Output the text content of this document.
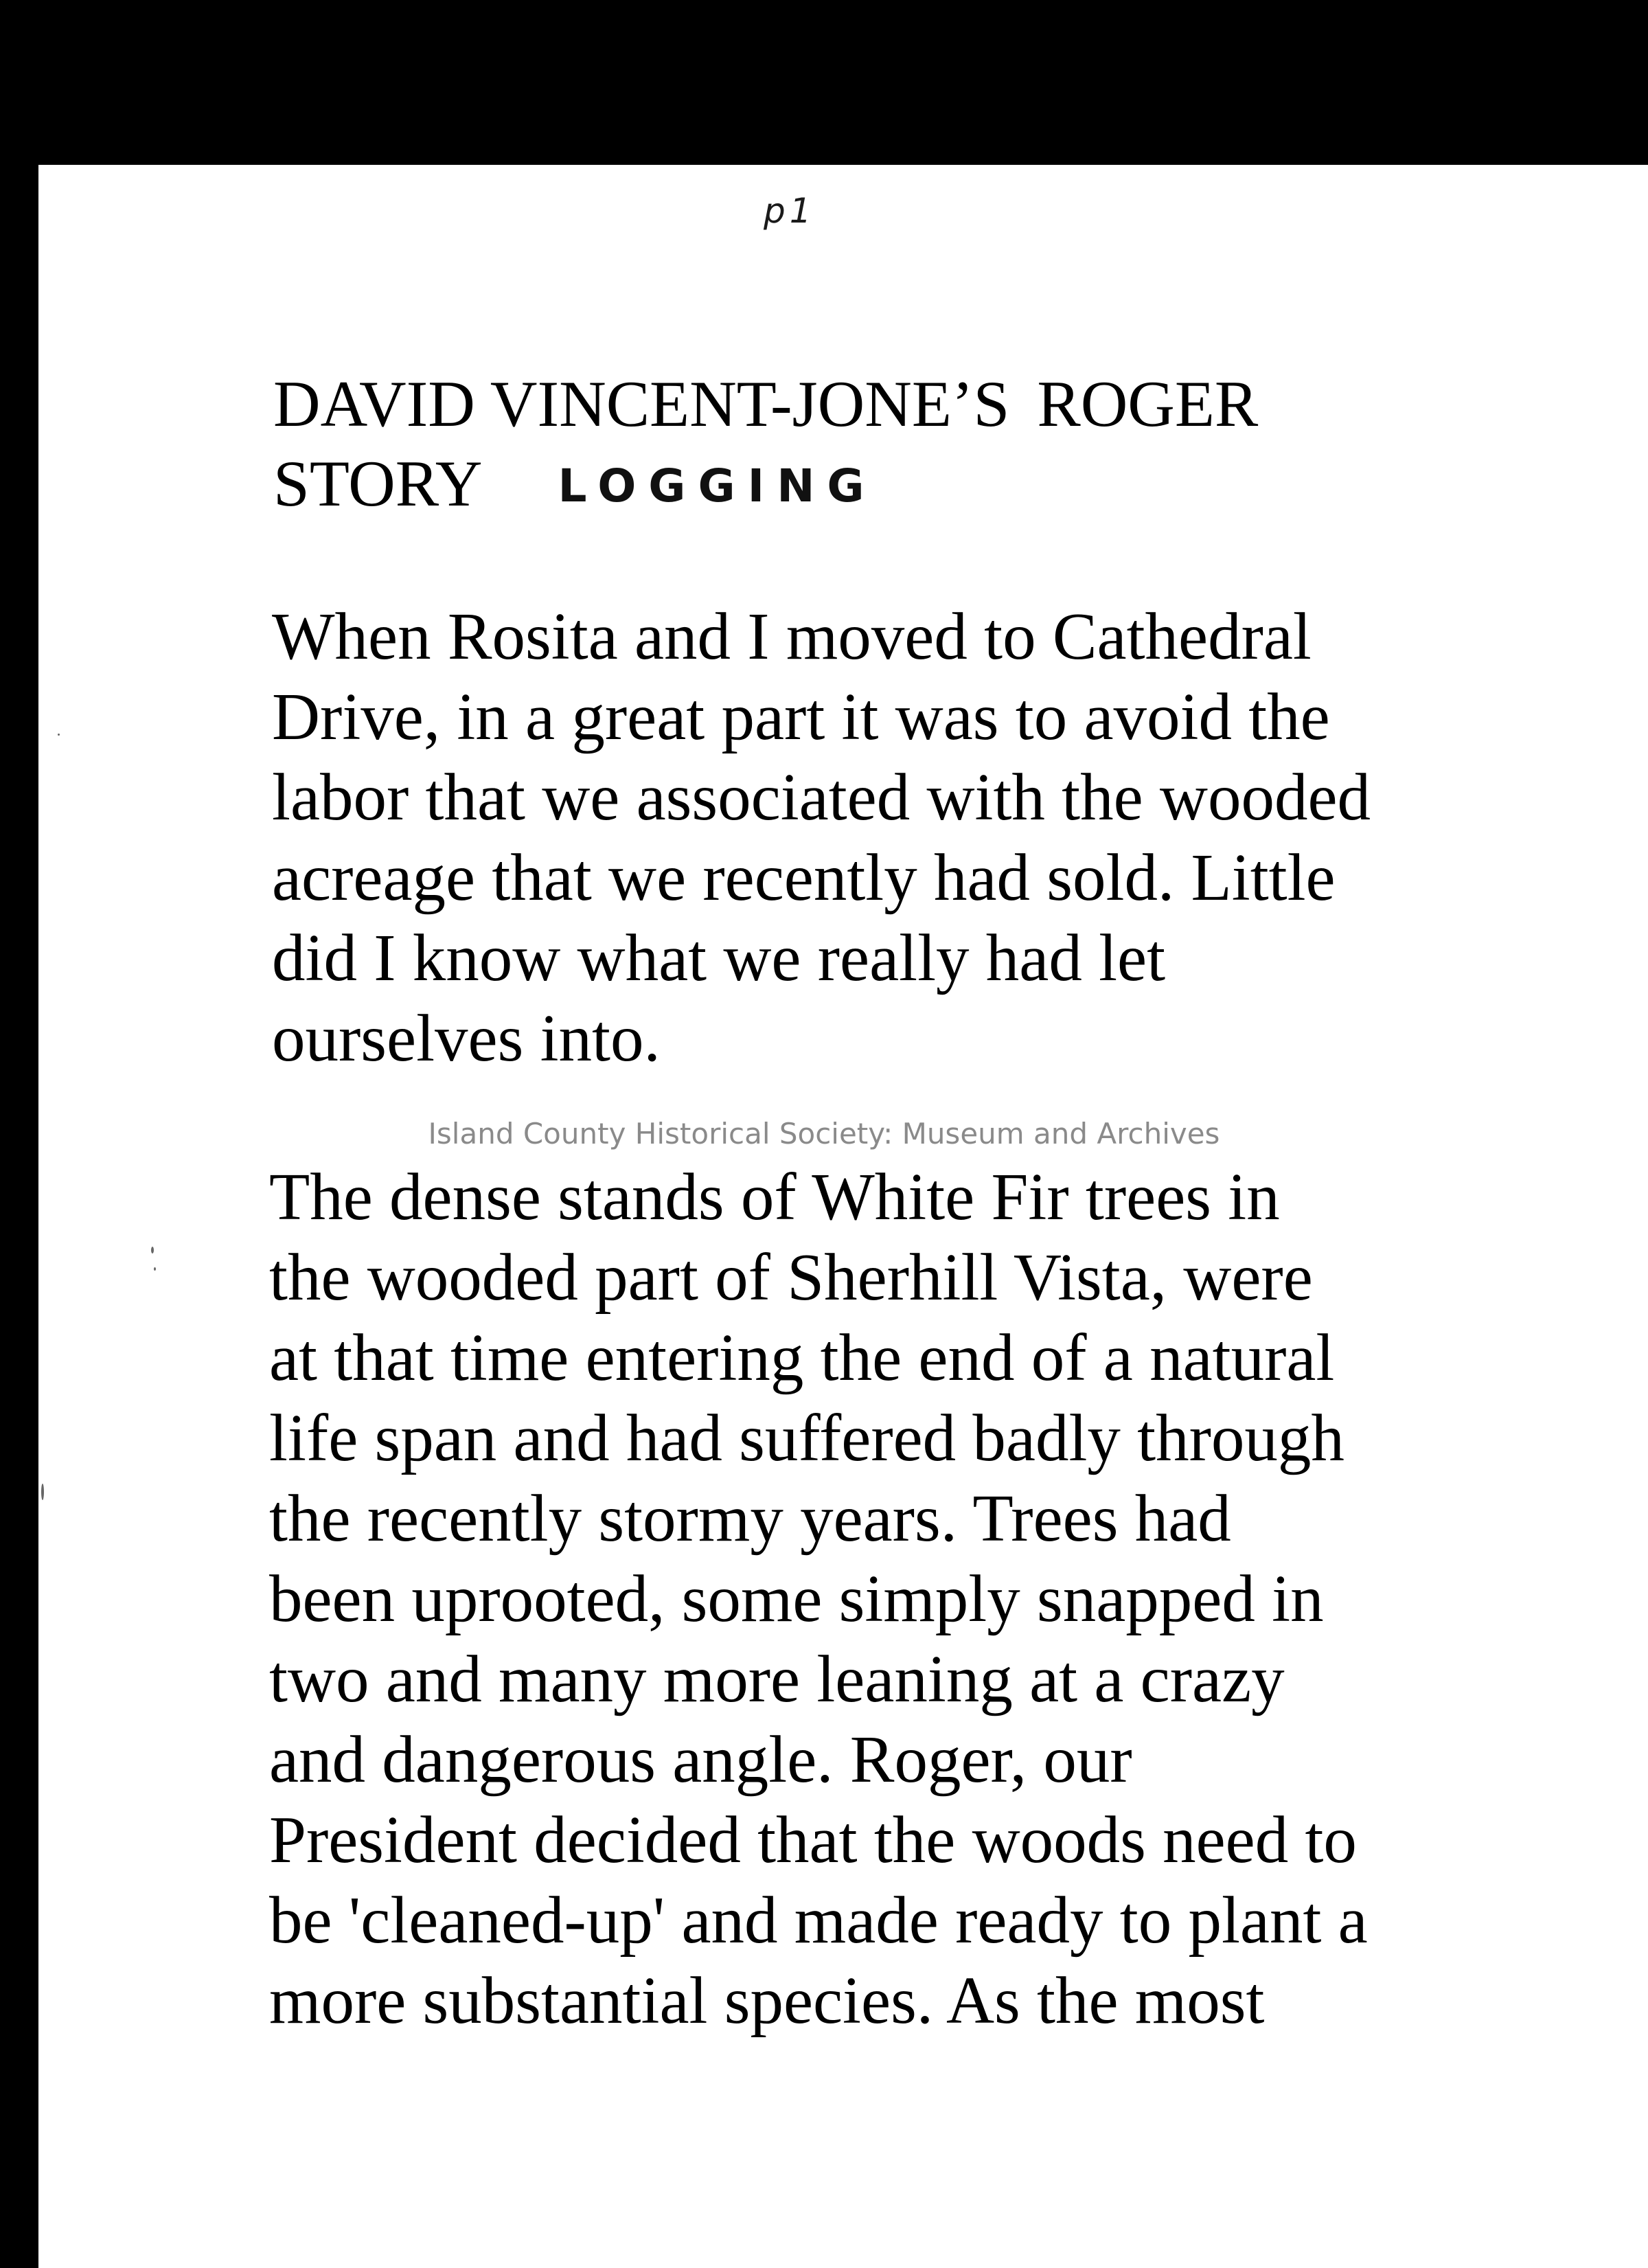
p1
DAVID VINCENT-JONE’S ROGER
STORY LOGGING

When Rosita and I moved to Cathedral
Drive, in a great part it was to avoid the
labor that we associated with the wooded
acreage that we recently had sold. Little
did I know what we really had let
ourselves into.

Island County Historical Society: Museum and Archives

The dense stands of White Fir trees in
the wooded part of Sherhill Vista, were
at that time entering the end of a natural
life span and had suffered badly through
the recently stormy years. Trees had
been uprooted, some simply snapped in
two and many more leaning at a crazy
and dangerous angle. Roger, our
President decided that the woods need to
be 'cleaned-up' and made ready to plant a
more substantial species. As the most
